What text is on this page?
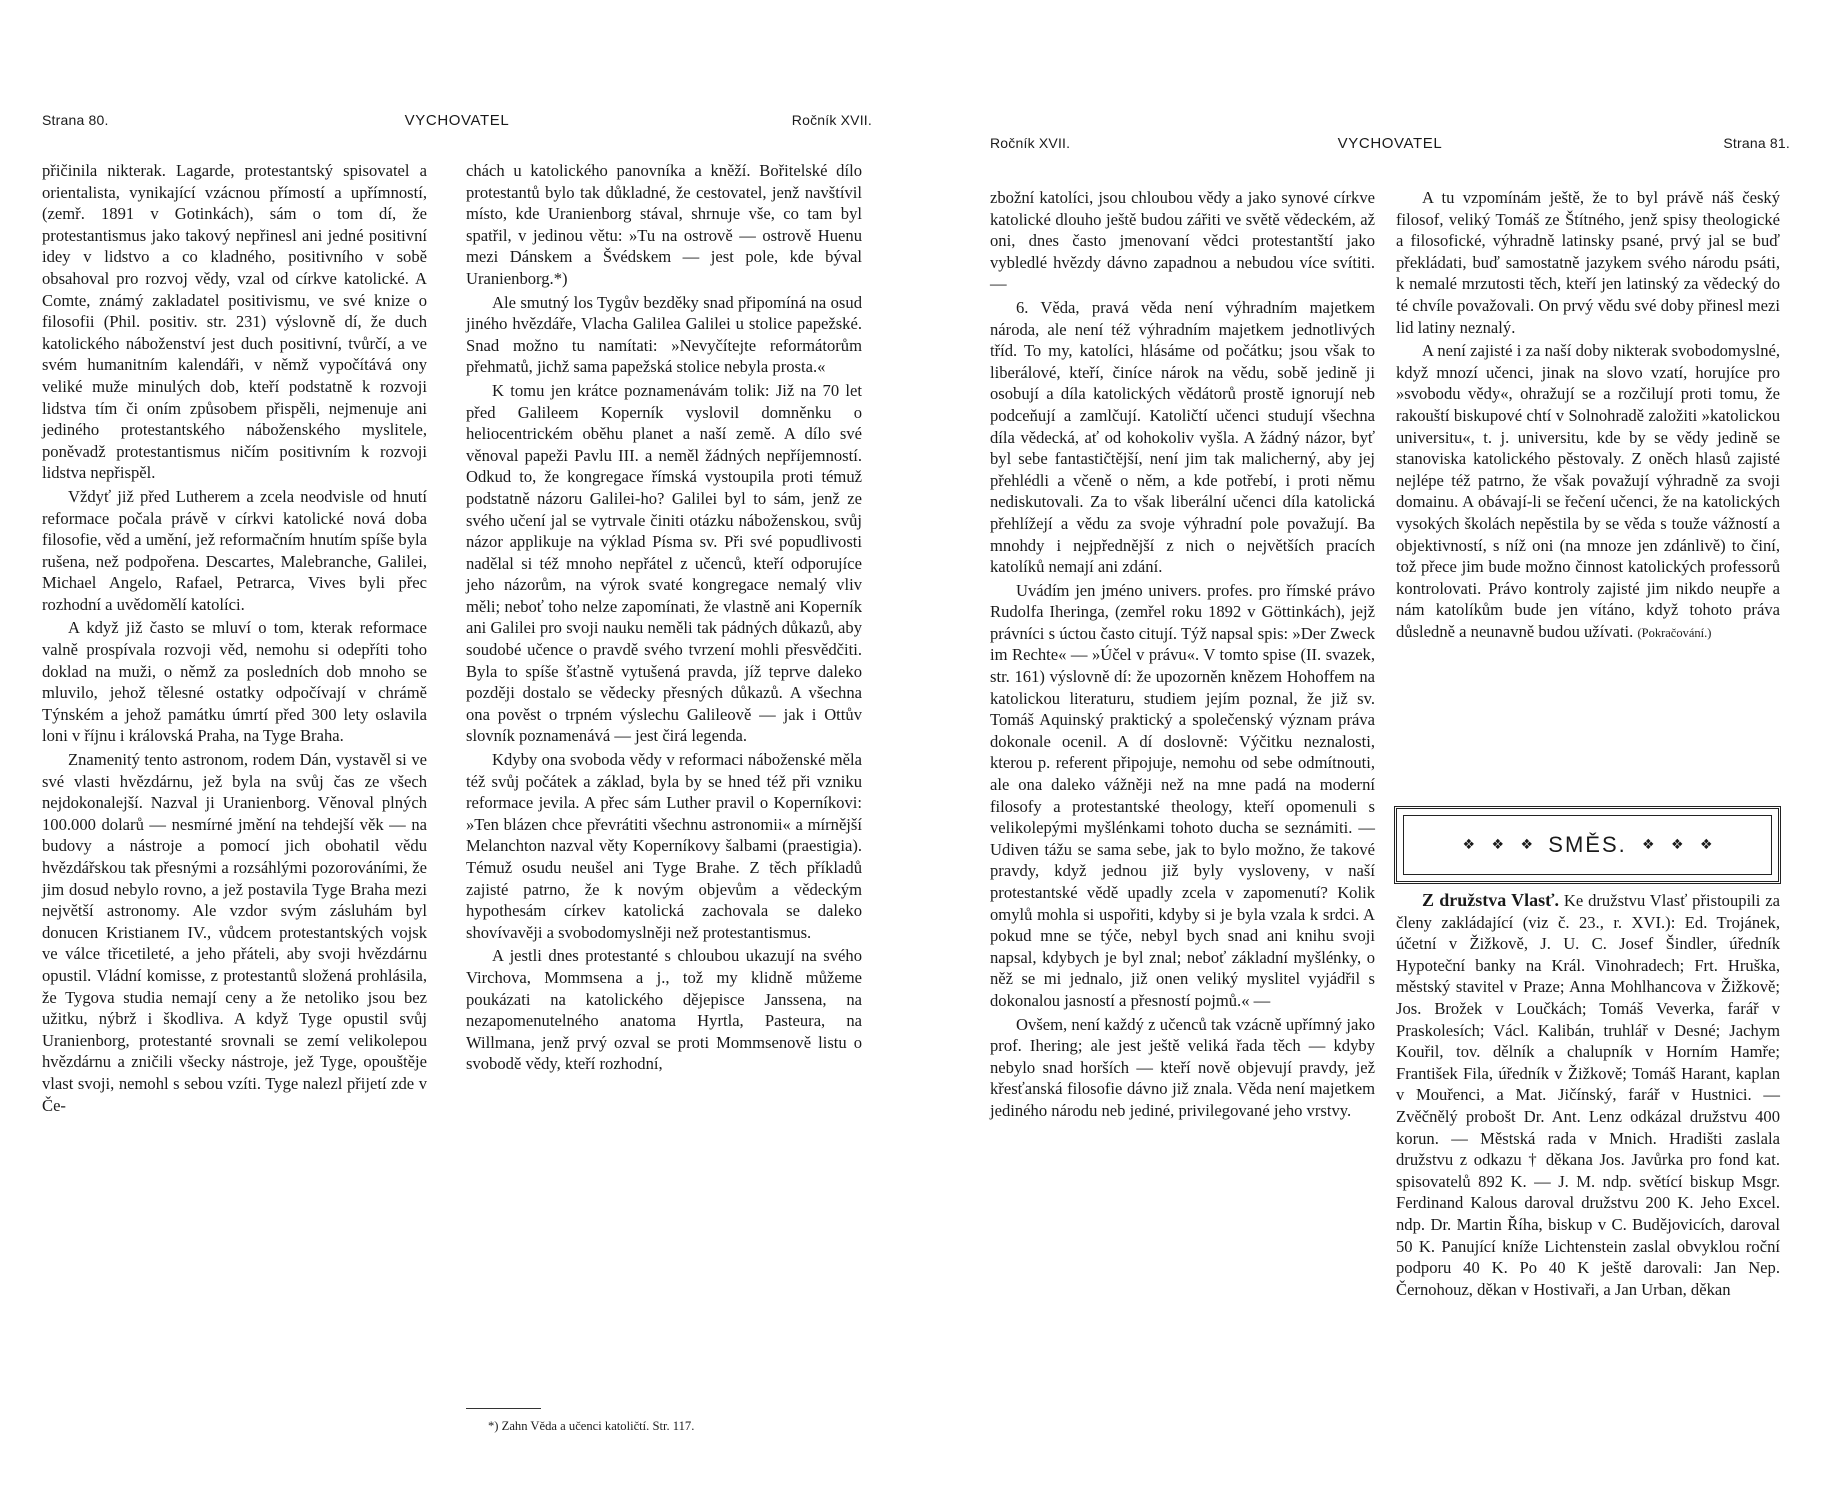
Strana 80.	VYCHOVATEL	Ročník XVII.

přičinila nikterak. Lagarde, protestantský spisovatel a orientalista, vynikající vzácnou přímostí a upřímností, (zemř. 1891 v Gotinkách), sám o tom dí, že protestantismus jako takový nepřinesl ani jedné positivní idey v lidstvo a co kladného, positivního v sobě obsahoval pro rozvoj vědy, vzal od církve katolické. A Comte, známý zakladatel positivismu, ve své knize o filosofii (Phil. positiv. str. 231) výslovně dí, že duch katolického náboženství jest duch positivní, tvůrčí, a ve svém humanitním kalendáři, v němž vypočítává ony veliké muže minulých dob, kteří podstatně k rozvoji lidstva tím či oním způsobem přispěli, nejmenuje ani jediného protestantského náboženského myslitele, poněvadž protestantismus ničím positivním k rozvoji lidstva nepřispěl.

Vždyť již před Lutherem a zcela neodvisle od hnutí reformace počala právě v církvi katolické nová doba filosofie, věd a umění, jež reformačním hnutím spíše byla rušena, než podpořena. Descartes, Malebranche, Galilei, Michael Angelo, Rafael, Petrarca, Vives byli přec rozhodní a uvědomělí katolíci.

A když již často se mluví o tom, kterak reformace valně prospívala rozvoji věd, nemohu si odepříti toho doklad na muži, o němž za posledních dob mnoho se mluvilo, jehož tělesné ostatky odpočívají v chrámě Týnském a jehož památku úmrtí před 300 lety oslavila loni v říjnu i královská Praha, na Tyge Braha.

Znamenitý tento astronom, rodem Dán, vystavěl si ve své vlasti hvězdárnu, jež byla na svůj čas ze všech nejdokonalejší. Nazval ji Uranienborg. Věnoval plných 100.000 dolarů — nesmírné jmění na tehdejší věk — na budovy a nástroje a pomocí jich obohatil vědu hvězdářskou tak přesnými a rozsáhlými pozorováními, že jim dosud nebylo rovno, a jež postavila Tyge Braha mezi největší astronomy. Ale vzdor svým zásluhám byl donucen Kristianem IV., vůdcem protestantských vojsk ve válce třicetileté, a jeho přáteli, aby svoji hvězdárnu opustil. Vládní komisse, z protestantů složená prohlásila, že Tygova studia nemají ceny a že netoliko jsou bez užitku, nýbrž i škodliva. A když Tyge opustil svůj Uranienborg, protestanté srovnali se zemí velikolepou hvězdárnu a zničili všecky nástroje, jež Tyge, opouštěje vlast svoji, nemohl s sebou vzíti. Tyge nalezl přijetí zde v Če-

chách u katolického panovníka a kněží. Bořitelské dílo protestantů bylo tak důkladné, že cestovatel, jenž navštívil místo, kde Uranienborg stával, shrnuje vše, co tam byl spatřil, v jedinou větu: »Tu na ostrově — ostrově Huenu mezi Dánskem a Švédskem — jest pole, kde býval Uranienborg.*)

Ale smutný los Tygův bezděky snad připomíná na osud jiného hvězdáře, Vlacha Galilea Galilei u stolice papežské. Snad možno tu namítati: »Nevyčítejte reformátorům přehmatů, jichž sama papežská stolice nebyla prosta.«

K tomu jen krátce poznamenávám tolik: Již na 70 let před Galileem Koperník vyslovil domněnku o heliocentrickém oběhu planet a naší země. A dílo své věnoval papeži Pavlu III. a neměl žádných nepříjemností. Odkud to, že kongregace římská vystoupila proti témuž podstatně názoru Galilei-ho? Galilei byl to sám, jenž ze svého učení jal se vytrvale činiti otázku náboženskou, svůj názor applikuje na výklad Písma sv. Při své popudlivosti nadělal si též mnoho nepřátel z učenců, kteří odporujíce jeho názorům, na výrok svaté kongregace nemalý vliv měli; neboť toho nelze zapomínati, že vlastně ani Koperník ani Galilei pro svoji nauku neměli tak pádných důkazů, aby soudobé učence o pravdě svého tvrzení mohli přesvědčiti. Byla to spíše šťastně vytušená pravda, jíž teprve daleko později dostalo se vědecky přesných důkazů. A všechna ona pověst o trpném výslechu Galileově — jak i Ottův slovník poznamenává — jest čirá legenda.

Kdyby ona svoboda vědy v reformaci náboženské měla též svůj počátek a základ, byla by se hned též při vzniku reformace jevila. A přec sám Luther pravil o Koperníkovi: »Ten blázen chce převrátiti všechnu astronomii« a mírnější Melanchton nazval věty Koperníkovy šalbami (praestigia). Témuž osudu neušel ani Tyge Brahe. Z těch příkladů zajisté patrno, že k novým objevům a vědeckým hypothesám církev katolická zachovala se daleko shovívavěji a svobodomyslněji než protestantismus.

A jestli dnes protestanté s chloubou ukazují na svého Virchova, Mommsena a j., tož my klidně můžeme poukázati na katolického dějepisce Janssena, na nezapomenutelného anatoma Hyrtla, Pasteura, na Willmana, jenž prvý ozval se proti Mommsenově listu o svobodě vědy, kteří rozhodní,

*) Zahn Věda a učenci katoličtí. Str. 117.
Ročník XVII.	VYCHOVATEL	Strana 81.

zbožní katolíci, jsou chloubou vědy a jako synové církve katolické dlouho ještě budou zářiti ve světě vědeckém, až oni, dnes často jmenovaní vědci protestantští jako vybledlé hvězdy dávno zapadnou a nebudou více svítiti. —

6. Věda, pravá věda není výhradním majetkem národa, ale není též výhradním majetkem jednotlivých tříd. To my, katolíci, hlásáme od počátku; jsou však to liberálové, kteří, činíce nárok na vědu, sobě jedině ji osobují a díla katolických vědátorů prostě ignorují neb podceňují a zamlčují. Katoličtí učenci studují všechna díla vědecká, ať od kohokoliv vyšla. A žádný názor, byť byl sebe fantastičtější, není jim tak malicherný, aby jej přehlédli a včeně o něm, a kde potřebí, i proti němu nediskutovali. Za to však liberální učenci díla katolická přehlížejí a vědu za svoje výhradní pole považují. Ba mnohdy i nejpřednější z nich o největších pracích katolíků nemají ani zdání.

Uvádím jen jméno univers. profes. pro římské právo Rudolfa Iheringa, (zemřel roku 1892 v Göttinkách), jejž právníci s úctou často citují. Týž napsal spis: »Der Zweck im Rechte« — »Účel v právu«. V tomto spise (II. svazek, str. 161) výslovně dí: že upozorněn knězem Hohoffem na katolickou literaturu, studiem jejím poznal, že již sv. Tomáš Aquinský praktický a společenský význam práva dokonale ocenil. A dí doslovně: Výčitku neznalosti, kterou p. referent připojuje, nemohu od sebe odmítnouti, ale ona daleko vážněji než na mne padá na moderní filosofy a protestantské theology, kteří opomenuli s velikolepými myšlénkami tohoto ducha se seznámiti. — Udiven tážu se sama sebe, jak to bylo možno, že takové pravdy, když jednou již byly vysloveny, v naší protestantské vědě upadly zcela v zapomenutí? Kolik omylů mohla si uspořiti, kdyby si je byla vzala k srdci. A pokud mne se týče, nebyl bych snad ani knihu svoji napsal, kdybych je byl znal; neboť základní myšlénky, o něž se mi jednalo, již onen veliký myslitel vyjádřil s dokonalou jasností a přesností pojmů.« —

Ovšem, není každý z učenců tak vzácně upřímný jako prof. Ihering; ale jest ještě veliká řada těch — kdyby nebylo snad horších — kteří nově objevují pravdy, jež křesťanská filosofie dávno již znala. Věda není majetkem jediného národu neb jediné, privilegované jeho vrstvy.

A tu vzpomínám ještě, že to byl právě náš český filosof, veliký Tomáš ze Štítného, jenž spisy theologické a filosofické, výhradně latinsky psané, prvý jal se buď překládati, buď samostatně jazykem svého národu psáti, k nemalé mrzutosti těch, kteří jen latinský za vědecký do té chvíle považovali. On prvý vědu své doby přinesl mezi lid latiny neznalý.

A není zajisté i za naší doby nikterak svobodomyslné, když mnozí učenci, jinak na slovo vzatí, horujíce pro »svobodu vědy«, ohražují se a rozčilují proti tomu, že rakouští biskupové chtí v Solnohradě založiti »katolickou universitu«, t. j. universitu, kde by se vědy jedině se stanoviska katolického pěstovaly. Z oněch hlasů zajisté nejlépe též patrno, že však považují výhradně za svoji domainu. A obávají-li se řečení učenci, že na katolických vysokých školách nepěstila by se věda s touže vážností a objektivností, s níž oni (na mnoze jen zdánlivě) to činí, tož přece jim bude možno činnost katolických professorů kontrolovati. Právo kontroly zajisté jim nikdo neupře a nám katolíkům bude jen vítáno, když tohoto práva důsledně a neunavně budou užívati. (Pokračování.)

❖ ❖ ❖ SMĚS. ❖ ❖ ❖

Z družstva Vlasť. Ke družstvu Vlasť přistoupili za členy zakládající (viz č. 23., r. XVI.): Ed. Trojánek, účetní v Žižkově, J. U. C. Josef Šindler, úředník Hypoteční banky na Král. Vinohradech; Frt. Hruška, městský stavitel v Praze; Anna Mohlhancova v Žižkově; Jos. Brožek v Loučkách; Tomáš Veverka, farář v Praskolesích; Václ. Kalibán, truhlář v Desné; Jachym Kouřil, tov. dělník a chalupník v Horním Hamře; František Fila, úředník v Žižkově; Tomáš Harant, kaplan v Mouřenci, a Mat. Jičínský, farář v Hustnici. — Zvěčnělý probošt Dr. Ant. Lenz odkázal družstvu 400 korun. — Městská rada v Mnich. Hradišti zaslala družstvu z odkazu † děkana Jos. Javůrka pro fond kat. spisovatelů 892 K. — J. M. ndp. světící biskup Msgr. Ferdinand Kalous daroval družstvu 200 K. Jeho Excel. ndp. Dr. Martin Říha, biskup v C. Budějovicích, daroval 50 K. Panující kníže Lichtenstein zaslal obvyklou roční podporu 40 K. Po 40 K ještě darovali: Jan Nep. Černohouz, děkan v Hostivaři, a Jan Urban, děkan
